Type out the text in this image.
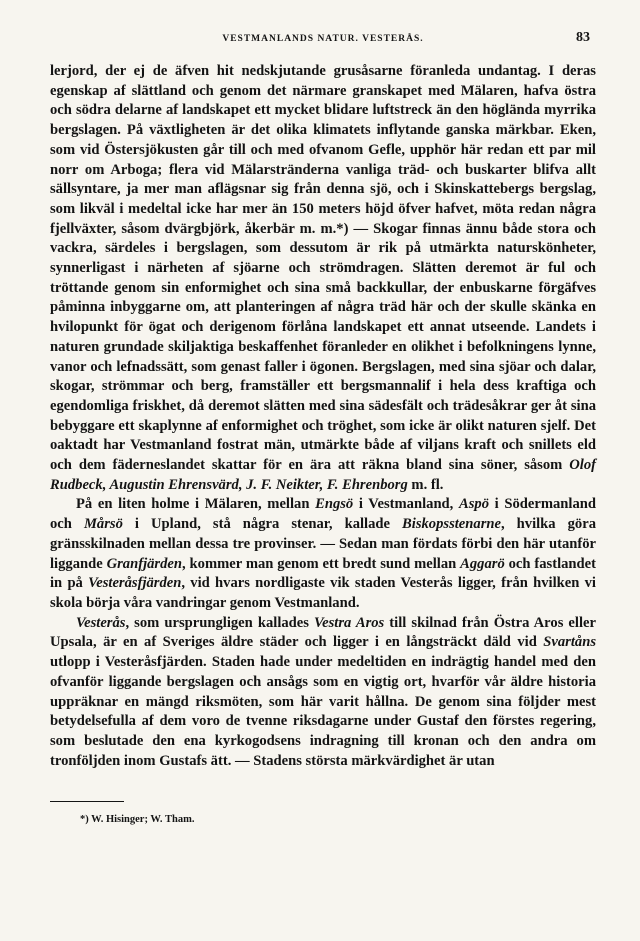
VESTMANLANDS NATUR. VESTERÅS.	83

lerjord, der ej de äfven hit nedskjutande grusåsarne föranleda undantag. I deras egenskap af slättland och genom det närmare granskapet med Mälaren, hafva östra och södra delarne af landskapet ett mycket blidare luftstreck än den höglända myrrika bergslagen. På växtligheten är det olika klimatets inflytande ganska märkbar. Eken, som vid Östersjökusten går till och med ofvanom Gefle, upphör här redan ett par mil norr om Arboga; flera vid Mälarstränderna vanliga träd- och buskarter blifva allt sällsyntare, ja mer man aflägsnar sig från denna sjö, och i Skinskattebergs bergslag, som likväl i medeltal icke har mer än 150 meters höjd öfver hafvet, möta redan några fjellväxter, såsom dvärgbjörk, åkerbär m. m.*) — Skogar finnas ännu både stora och vackra, särdeles i bergslagen, som dessutom är rik på utmärkta naturskönheter, synnerligast i närheten af sjöarne och strömdragen. Slätten deremot är ful och tröttande genom sin enformighet och sina små backkullar, der enbuskarne förgäfves påminna inbyggarne om, att planteringen af några träd här och der skulle skänka en hvilopunkt för ögat och derigenom förlåna landskapet ett annat utseende. Landets i naturen grundade skiljaktiga beskaffenhet föranleder en olikhet i befolkningens lynne, vanor och lefnadssätt, som genast faller i ögonen. Bergslagen, med sina sjöar och dalar, skogar, strömmar och berg, framställer ett bergsmannalif i hela dess kraftiga och egendomliga friskhet, då deremot slätten med sina sädesfält och trädesåkrar ger åt sina bebyggare ett skaplynne af enformighet och tröghet, som icke är olikt naturen sjelf. Det oaktadt har Vestmanland fostrat män, utmärkte både af viljans kraft och snillets eld och dem fäderneslandet skattar för en ära att räkna bland sina söner, såsom Olof Rudbeck, Augustin Ehrensvärd, J. F. Neikter, F. Ehrenborg m. fl.

På en liten holme i Mälaren, mellan Engsö i Vestmanland, Aspö i Södermanland och Mårsö i Upland, stå några stenar, kallade Biskopsstenarne, hvilka göra gränsskilnaden mellan dessa tre provinser. — Sedan man fördats förbi den här utanför liggande Granfjärden, kommer man genom ett bredt sund mellan Aggarö och fastlandet in på Vesteråsfjärden, vid hvars nordligaste vik staden Vesterås ligger, från hvilken vi skola börja våra vandringar genom Vestmanland.

Vesterås, som ursprungligen kallades Vestra Aros till skilnad från Östra Aros eller Upsala, är en af Sveriges äldre städer och ligger i en långsträckt däld vid Svartåns utlopp i Vesteråsfjärden. Staden hade under medeltiden en indrägtig handel med den ofvanför liggande bergslagen och ansågs som en vigtig ort, hvarför vår äldre historia uppräknar en mängd riksmöten, som här varit hållna. De genom sina följder mest betydelsefulla af dem voro de tvenne riksdagarne under Gustaf den förstes regering, som beslutade den ena kyrkogodsens indragning till kronan och den andra om tronföljden inom Gustafs ätt. — Stadens största märkvärdighet är utan

*) W. Hisinger; W. Tham.
